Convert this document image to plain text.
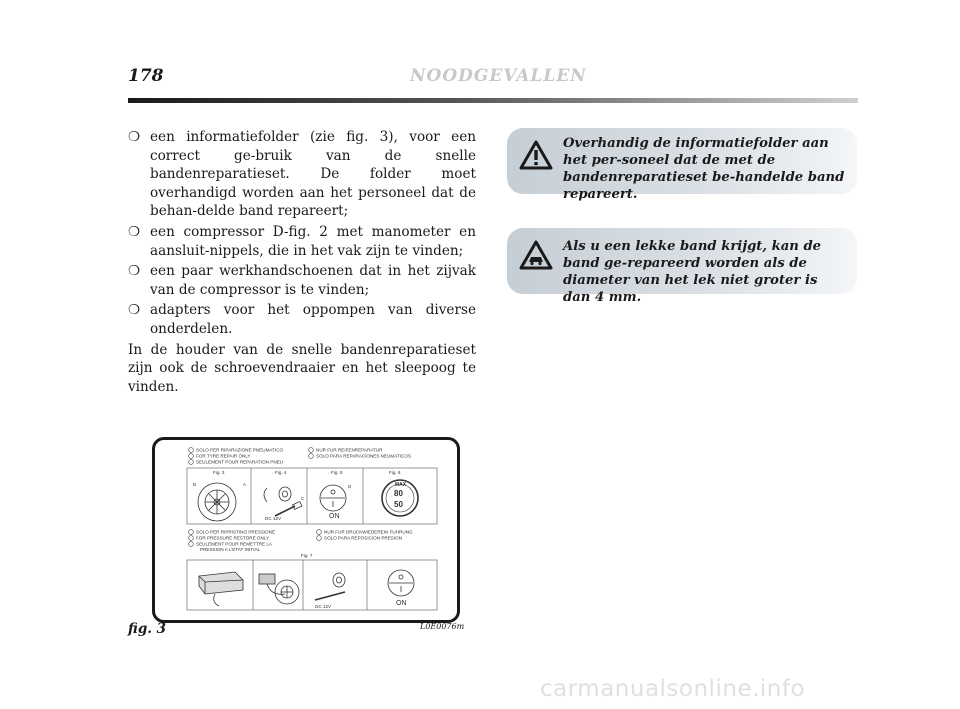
178	NOODGEVALLEN
❍ een informatiefolder (zie fig. 3), voor een correct ge-bruik van de snelle bandenreparatieset. De folder moet overhandigd worden aan het personeel dat de behan-delde band repareert;
❍ een compressor D-fig. 2 met manometer en aansluit-nippels, die in het vak zijn te vinden;
❍ een paar werkhandschoenen dat in het zijvak van de compressor is te vinden;
❍ adapters voor het oppompen van diverse onderdelen.

In de houder van de snelle bandenreparatieset zijn ook de schroevendraaier en het sleepoog te vinden.

Overhandig de informatiefolder aan het per-soneel dat de met de bandenreparatieset be-handelde band repareert.
Als u een lekke band krijgt, kan de band ge-repareerd worden als de diameter van het lek niet groter is dan 4 mm.
SOLO PER RIPARAZIONE PNEUMATICO
FOR TYRE REPAIR ONLY
SEULEMENT POUR REPARATION PNEU
NUR FUR REIFENREPARATUR
SOLO PARA REPARACIONES NEUMATICOS
Fig. 3	Fig. 4	Fig. 5	Fig. 6
B	A
DC 12V
C
ON
D	MAX
80
50
SOLO PER RIPRISTINO PRESSIONE
FOR PRESSURE RESTORE ONLY
SEULEMENT POUR REMETTRE LA
PRESSION A L'ETAT INITIAL
NUR FUR DRUCKWIEDEREIN FUHRUNG
SOLO PARA REPOSICION PRESION
Fig. 7
DC 12V	ON
fig. 3	L0E0076m
carmanualsonline.info
